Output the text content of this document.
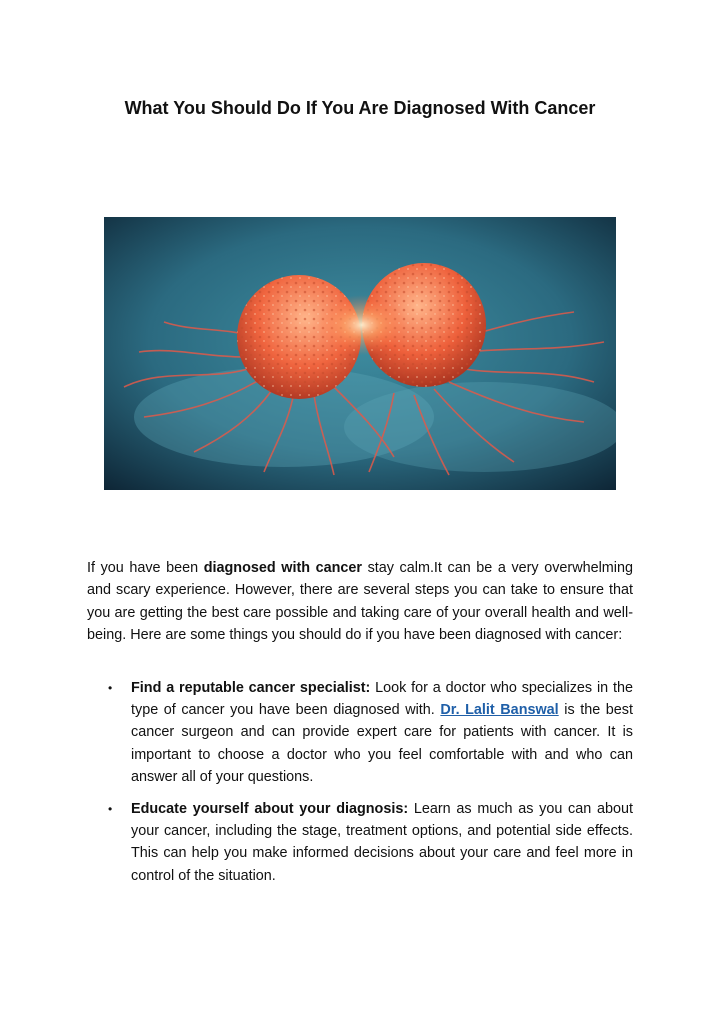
What You Should Do If You Are Diagnosed With Cancer

If you have been diagnosed with cancer stay calm.It can be a very overwhelming and scary experience. However, there are several steps you can take to ensure that you are getting the best care possible and taking care of your overall health and well-being. Here are some things you should do if you have been diagnosed with cancer:

• Find a reputable cancer specialist: Look for a doctor who specializes in the type of cancer you have been diagnosed with. Dr. Lalit Banswal is the best cancer surgeon and can provide expert care for patients with cancer. It is important to choose a doctor who you feel comfortable with and who can answer all of your questions.
• Educate yourself about your diagnosis: Learn as much as you can about your cancer, including the stage, treatment options, and potential side effects. This can help you make informed decisions about your care and feel more in control of the situation.
